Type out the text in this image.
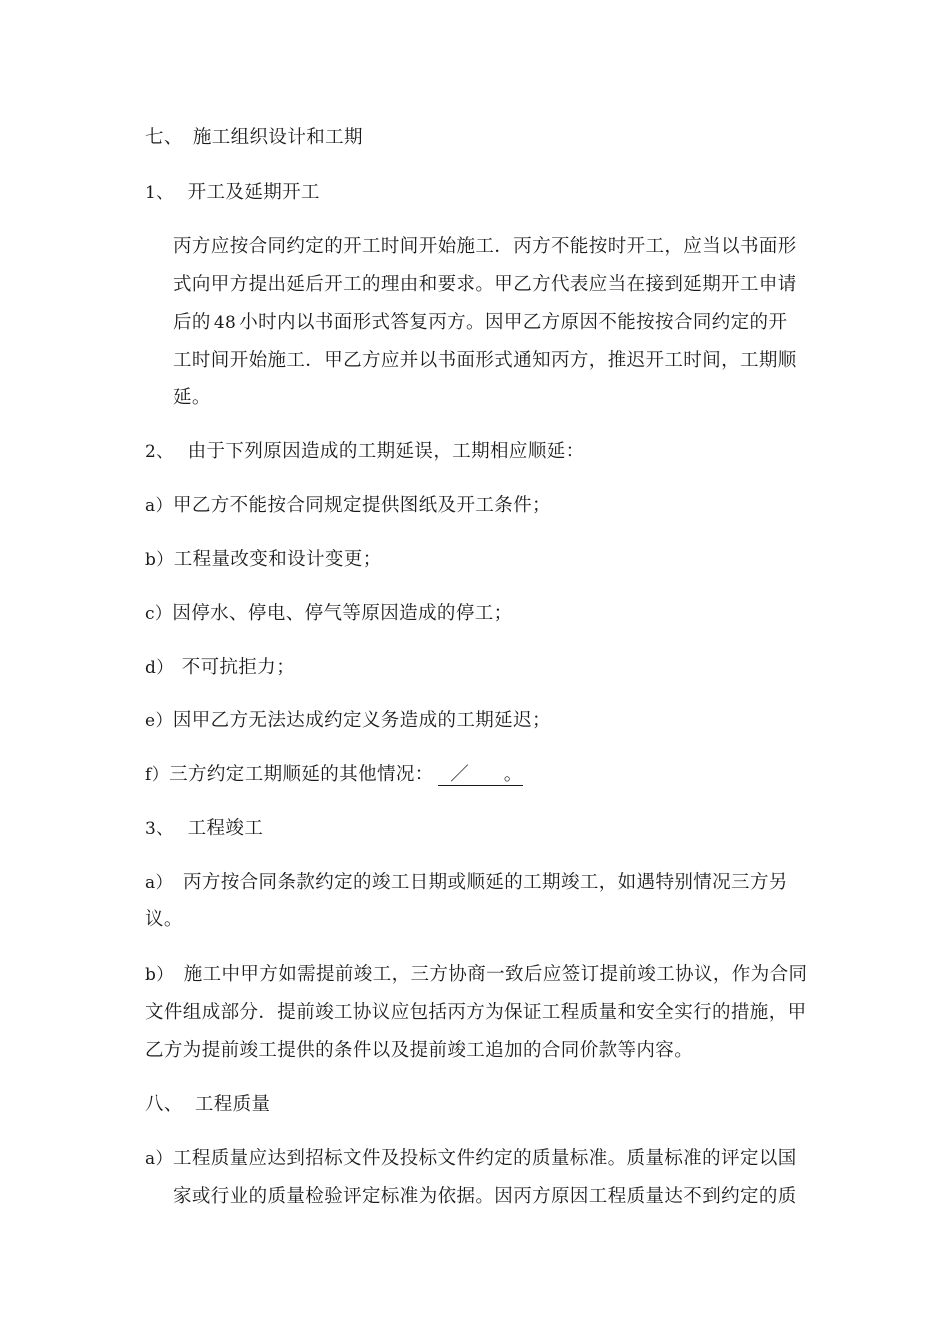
七、 施工组织设计和工期
1、 开工及延期开工
丙方应按合同约定的开工时间开始施工．丙方不能按时开工，应当以书面形
式向甲方提出延后开工的理由和要求。甲乙方代表应当在接到延期开工申请
后的 48 小时内以书面形式答复丙方。因甲乙方原因不能按按合同约定的开
工时间开始施工．甲乙方应并以书面形式通知丙方，推迟开工时间，工期顺
延。
2、 由于下列原因造成的工期延误，工期相应顺延：
a）甲乙方不能按合同规定提供图纸及开工条件；
b）工程量改变和设计变更；
c）因停水、停电、停气等原因造成的停工；
d） 不可抗拒力；
e）因甲乙方无法达成约定义务造成的工期延迟；
f）三方约定工期顺延的其他情况： ／ 。
3、 工程竣工
a） 丙方按合同条款约定的竣工日期或顺延的工期竣工，如遇特别情况三方另
议。
b） 施工中甲方如需提前竣工，三方协商一致后应签订提前竣工协议，作为合同
文件组成部分．提前竣工协议应包括丙方为保证工程质量和安全实行的措施，甲
乙方为提前竣工提供的条件以及提前竣工追加的合同价款等内容。
八、 工程质量
a）工程质量应达到招标文件及投标文件约定的质量标准。质量标准的评定以国
家或行业的质量检验评定标准为依据。因丙方原因工程质量达不到约定的质
